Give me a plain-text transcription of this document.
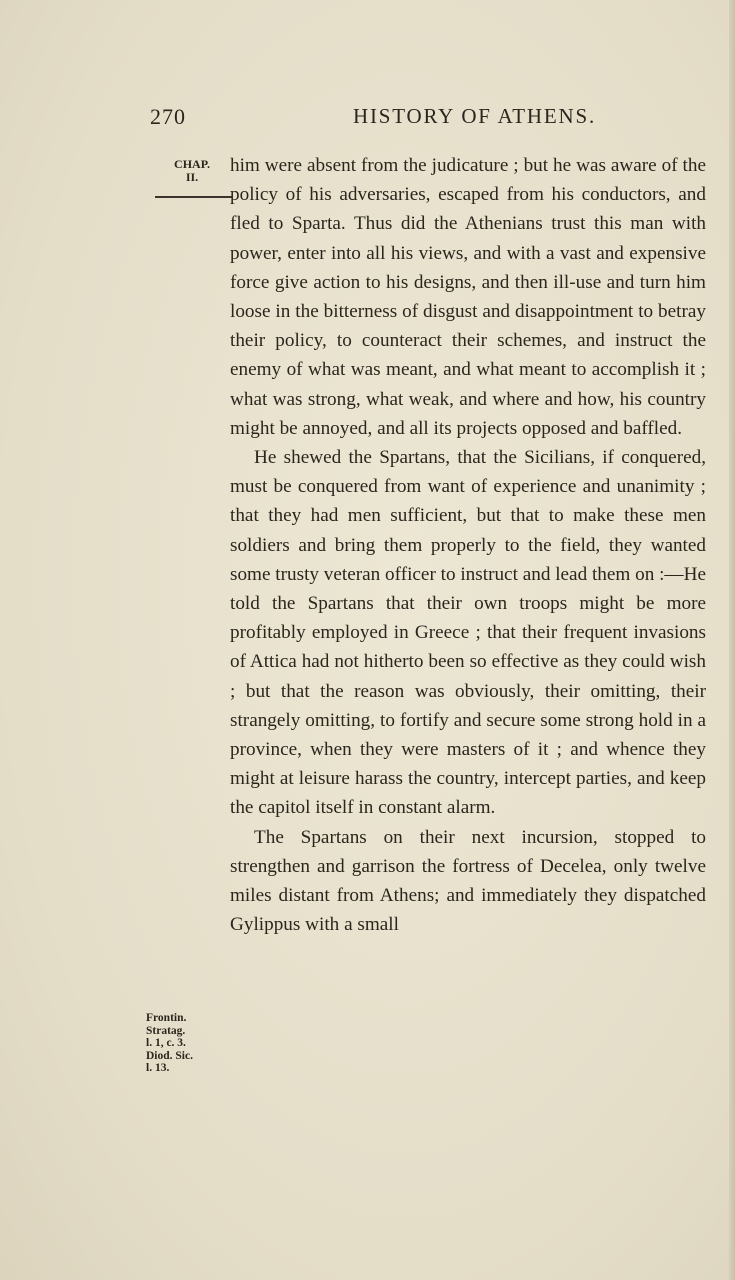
270	HISTORY OF ATHENS.
CHAP.
II.

him were absent from the judicature ; but he was aware of the policy of his adversaries, escaped from his conductors, and fled to Sparta. Thus did the Athenians trust this man with power, enter into all his views, and with a vast and expensive force give action to his designs, and then ill-use and turn him loose in the bitterness of disgust and disappointment to betray their policy, to counteract their schemes, and instruct the enemy of what was meant, and what meant to accomplish it ; what was strong, what weak, and where and how, his country might be annoyed, and all its projects opposed and baffled.

He shewed the Spartans, that the Sicilians, if conquered, must be conquered from want of experience and unanimity ; that they had men sufficient, but that to make these men soldiers and bring them properly to the field, they wanted some trusty veteran officer to instruct and lead them on :—He told the Spartans that their own troops might be more profitably employed in Greece ; that their frequent invasions of Attica had not hitherto been so effective as they could wish ; but that the reason was obviously, their omitting, their strangely omitting, to fortify and secure some strong hold in a province, when they were masters of it ; and whence they might at leisure harass the country, intercept parties, and keep the capitol itself in constant alarm.

The Spartans on their next incursion, stopped to strengthen and garrison the fortress of Decelea, only twelve miles distant from Athens; and immediately they dispatched Gylippus with a small

Frontin.
Stratag.
l. 1, c. 3.
Diod. Sic.
l. 13.
